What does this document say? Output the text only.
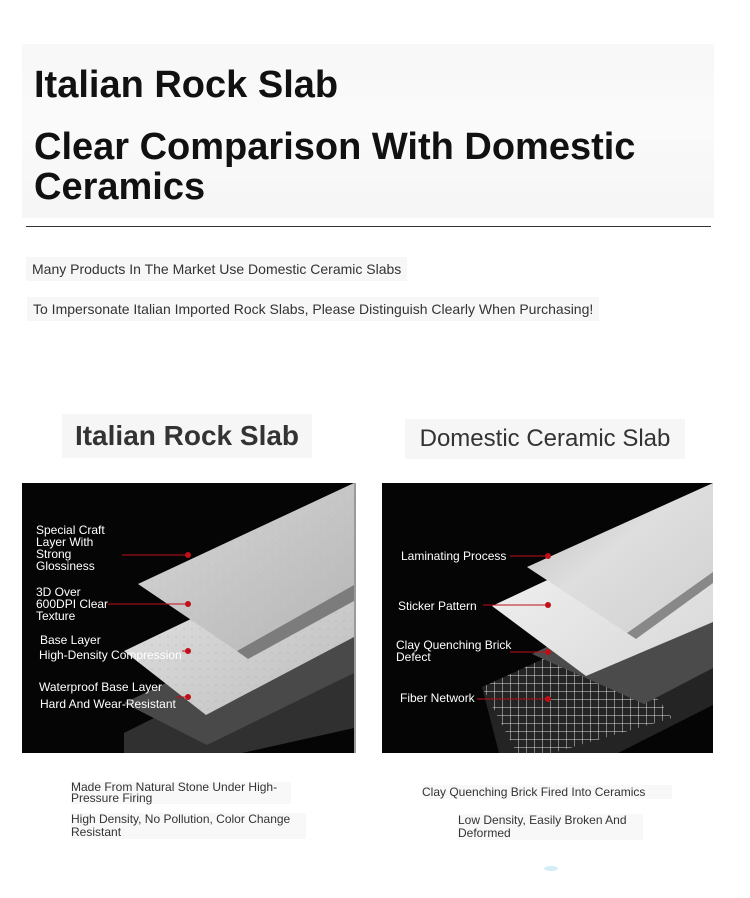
Italian Rock Slab
Clear Comparison With Domestic Ceramics

Many Products In The Market Use Domestic Ceramic Slabs

To Impersonate Italian Imported Rock Slabs, Please Distinguish Clearly When Purchasing!

Italian Rock Slab	Domestic Ceramic Slab

Special Craft Layer With Strong Glossiness

3D Over 600DPI Clear Texture

Base Layer

High-Density Compression

Waterproof Base Layer

Hard And Wear-Resistant

Laminating Process

Sticker Pattern

Clay Quenching Brick Defect

Fiber Network

Made From Natural Stone Under High-Pressure Firing

High Density, No Pollution, Color Change Resistant

Clay Quenching Brick Fired Into Ceramics

Low Density, Easily Broken And Deformed
